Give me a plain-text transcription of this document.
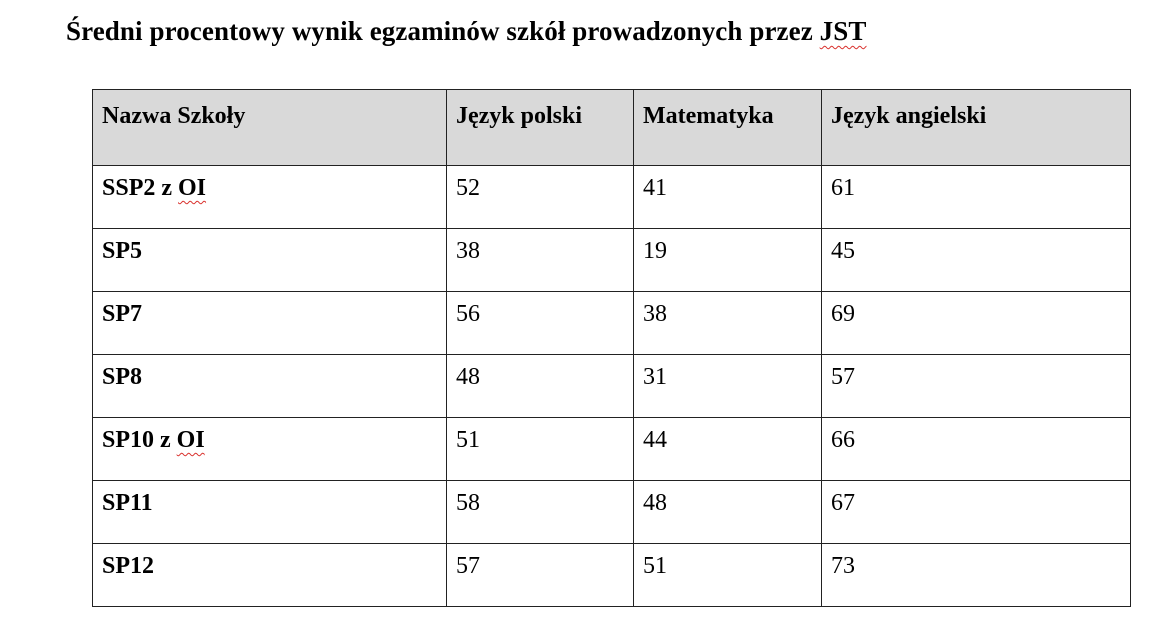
Średni procentowy wynik egzaminów szkół prowadzonych przez JST
Nazwa Szkoły	Język polski	Matematyka	Język angielski
SSP2 z OI	52	41	61
SP5	38	19	45
SP7	56	38	69
SP8	48	31	57
SP10 z OI	51	44	66
SP11	58	48	67
SP12	57	51	73
